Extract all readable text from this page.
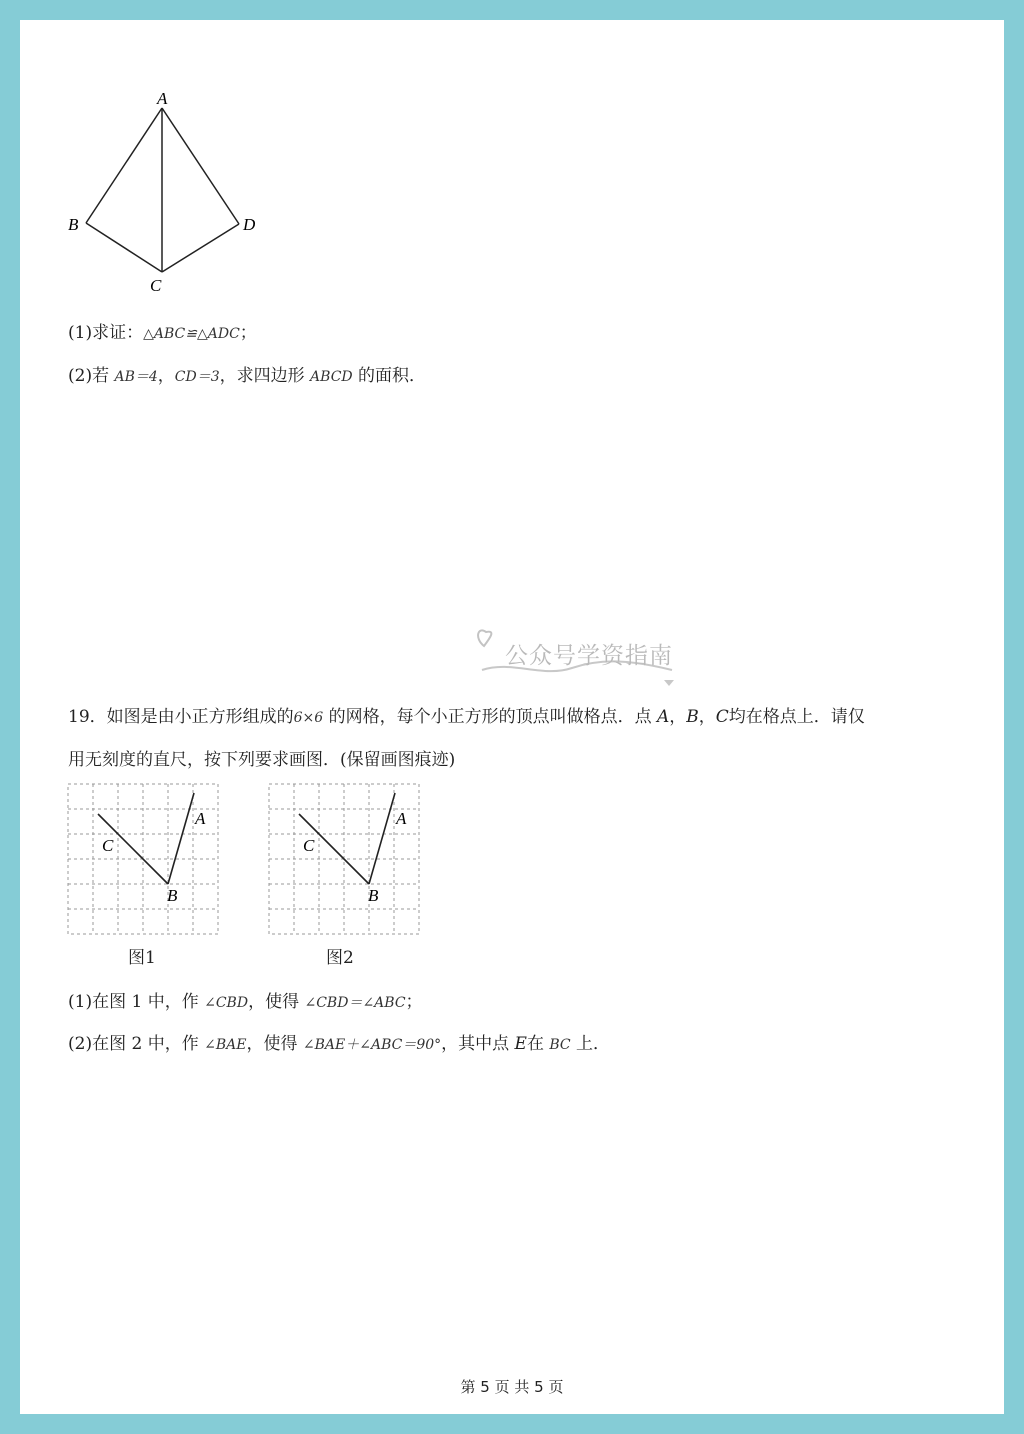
A
B	D
C
(1)求证：△ABC≌△ADC；
(2)若 AB＝4，CD＝3，求四边形 ABCD 的面积．
公众号学资指南
19．如图是由小正方形组成的6×6 的网格，每个小正方形的顶点叫做格点．点 A，B，C均在格点上．请仅
用无刻度的直尺，按下列要求画图．(保留画图痕迹)
A
C
B
图1
A
C
B
图2
(1)在图 1 中，作 ∠CBD，使得 ∠CBD＝∠ABC；
(2)在图 2 中，作 ∠BAE，使得 ∠BAE＋∠ABC＝90°，其中点 E在 BC 上．
第 5 页 共 5 页
